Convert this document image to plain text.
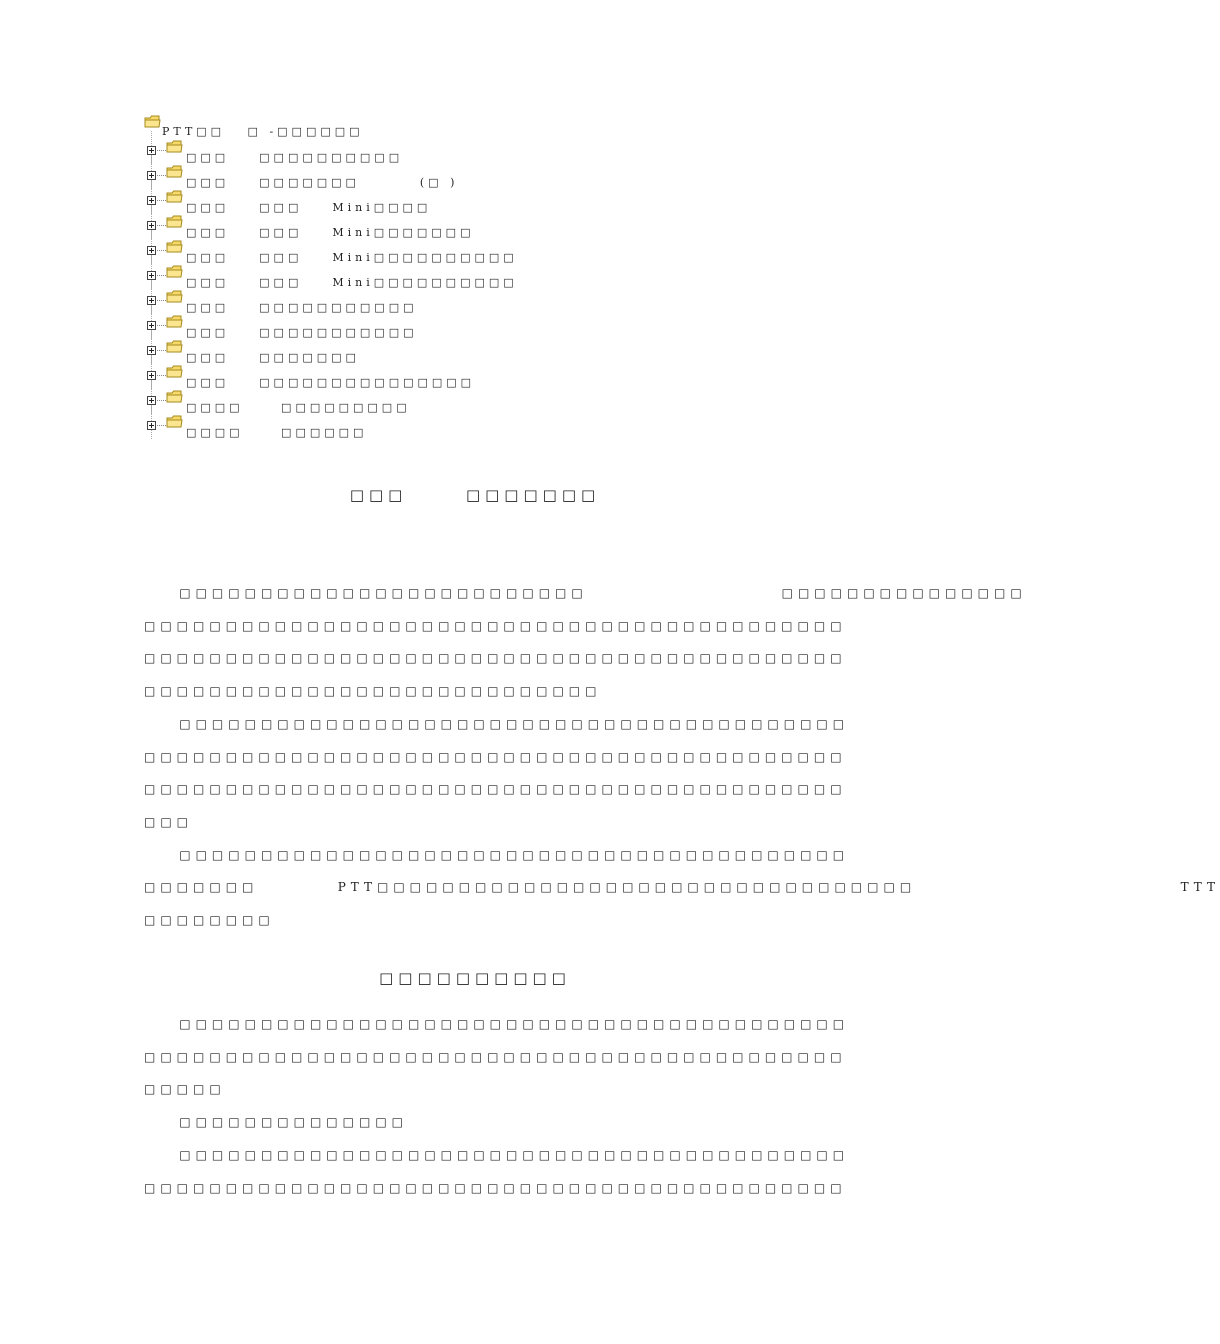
PTT□□   □ -□□□□□□
□□□    □□□□□□□□□□
□□□    □□□□□□□        (□ )
□□□    □□□    Mini□□□□
□□□    □□□    Mini□□□□□□□
□□□    □□□    Mini□□□□□□□□□□
□□□    □□□    Mini□□□□□□□□□□
□□□    □□□□□□□□□□□
□□□    □□□□□□□□□□□
□□□    □□□□□□□
□□□    □□□□□□□□□□□□□□□
□□□□     □□□□□□□□□
□□□□     □□□□□□
□□□      □□□□□□□
□□□□□□□□□□□□□□□□□□□□□□□□□                      □□□□□□□□□□□□□□□
□□□□□□□□□□□□□□□□□□□□□□□□□□□□□□□□□□□□□□□□□□□
□□□□□□□□□□□□□□□□□□□□□□□□□□□□□□□□□□□□□□□□□□□
□□□□□□□□□□□□□□□□□□□□□□□□□□□□
□□□□□□□□□□□□□□□□□□□□□□□□□□□□□□□□□□□□□□□□□
□□□□□□□□□□□□□□□□□□□□□□□□□□□□□□□□□□□□□□□□□□□
□□□□□□□□□□□□□□□□□□□□□□□□□□□□□□□□□□□□□□□□□□□
□□□
□□□□□□□□□□□□□□□□□□□□□□□□□□□□□□□□□□□□□□□□□
□□□□□□□         PTT□□□□□□□□□□□□□□□□□□□□□□□□□□□□□□□□□                              TTT
□□□□□□□□
□□□□□□□□□□
□□□□□□□□□□□□□□□□□□□□□□□□□□□□□□□□□□□□□□□□□
□□□□□□□□□□□□□□□□□□□□□□□□□□□□□□□□□□□□□□□□□□□
□□□□□
□□□□□□□□□□□□□□
□□□□□□□□□□□□□□□□□□□□□□□□□□□□□□□□□□□□□□□□□
□□□□□□□□□□□□□□□□□□□□□□□□□□□□□□□□□□□□□□□□□□□
